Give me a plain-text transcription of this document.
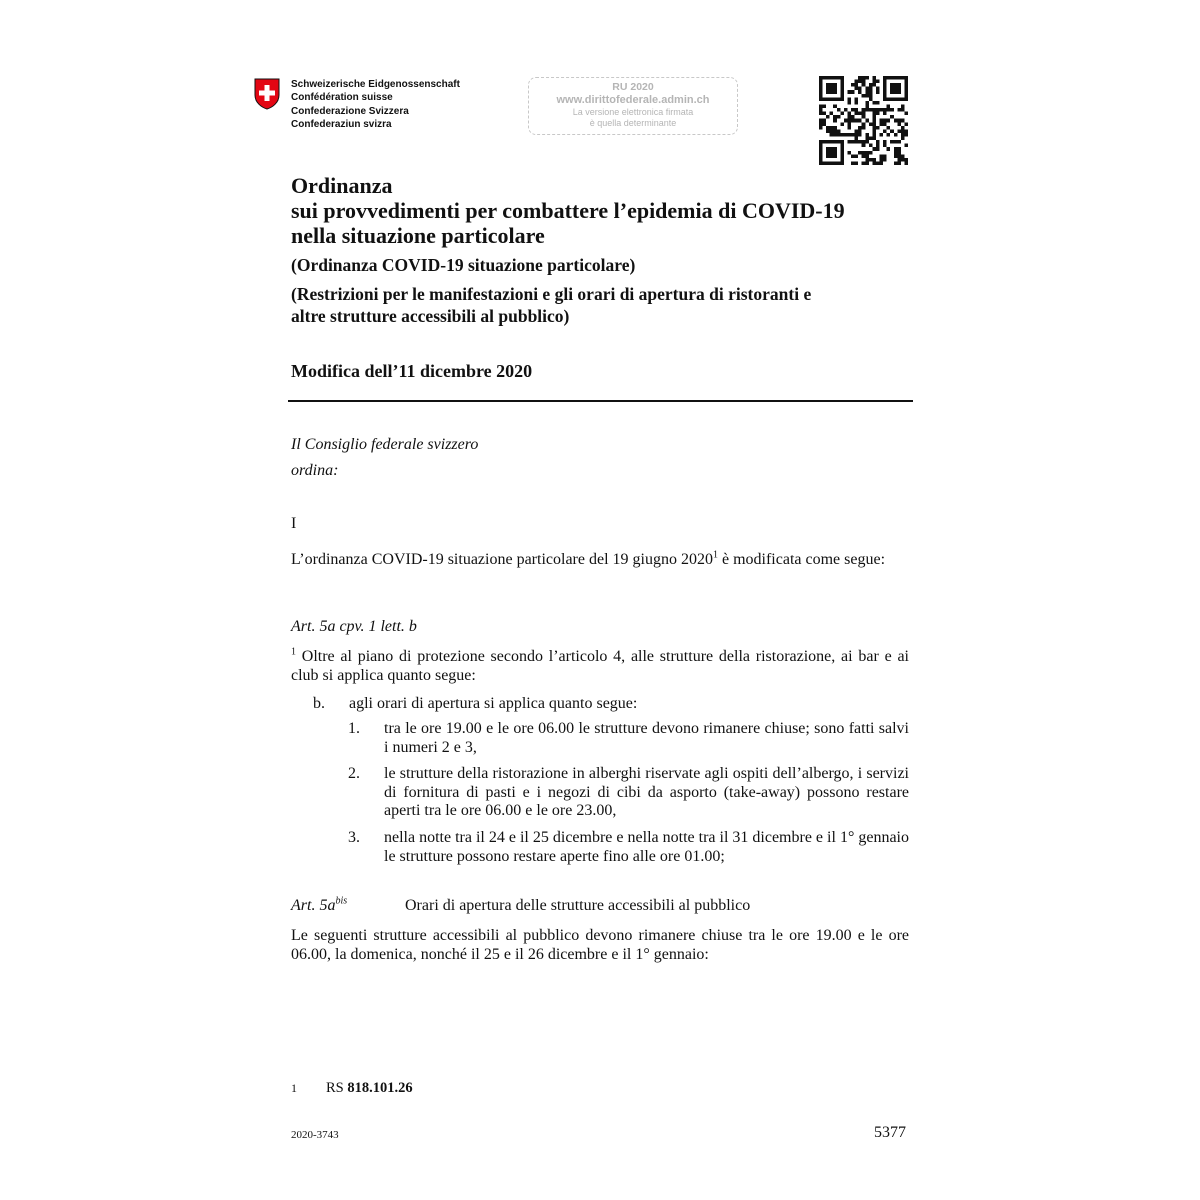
Schweizerische Eidgenossenschaft
Confédération suisse
Confederazione Svizzera
Confederaziun svizra
RU 2020
www.dirittofederale.admin.ch
La versione elettronica firmata
è quella determinante
Ordinanza
sui provvedimenti per combattere l’epidemia di COVID-19
nella situazione particolare
(Ordinanza COVID-19 situazione particolare)
(Restrizioni per le manifestazioni e gli orari di apertura di ristoranti e
altre strutture accessibili al pubblico)
Modifica dell’11 dicembre 2020
Il Consiglio federale svizzero
ordina:
I
L’ordinanza COVID-19 situazione particolare del 19 giugno 2020$^1$ è modificata come segue:
Art. 5a cpv. 1 lett. b
$^1$ Oltre al piano di protezione secondo l’articolo 4, alle strutture della ristorazione, ai bar e ai club si applica quanto segue:
b. agli orari di apertura si applica quanto segue:
1.	tra le ore 19.00 e le ore 06.00 le strutture devono rimanere chiuse; sono fatti salvi i numeri 2 e 3,
2.	le strutture della ristorazione in alberghi riservate agli ospiti dell’albergo, i servizi di fornitura di pasti e i negozi di cibi da asporto (take-away) possono restare aperti tra le ore 06.00 e le ore 23.00,
3.	nella notte tra il 24 e il 25 dicembre e nella notte tra il 31 dicembre e il 1° gennaio le strutture possono restare aperte fino alle ore 01.00;
Art. $5a^{bis}$	Orari di apertura delle strutture accessibili al pubblico
Le seguenti strutture accessibili al pubblico devono rimanere chiuse tra le ore 19.00 e le ore 06.00, la domenica, nonché il 25 e il 26 dicembre e il 1° gennaio:
1 RS 818.101.26
2020-3743	5377
